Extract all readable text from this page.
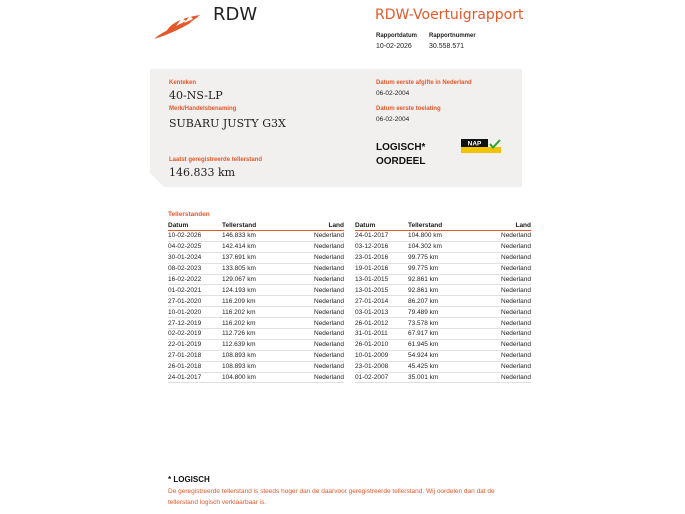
RDW	RDW-Voertuigrapport
Rapportdatum
10-02-2026
Rapportnummer
30.558.571
Kenteken
40-NS-LP
Merk/Handelsbenaming
SUBARU JUSTY G3X
Laatst geregistreerde tellerstand
146.833 km
Datum eerste afgifte in Nederland
06-02-2004
Datum eerste toelating
06-02-2004
LOGISCH*
OORDEEL
NAP
Tellerstanden
Datum	Tellerstand	Land
10-02-2026	146.833 km	Nederland
04-02-2025	142.414 km	Nederland
30-01-2024	137.691 km	Nederland
08-02-2023	133.805 km	Nederland
16-02-2022	129.067 km	Nederland
01-02-2021	124.193 km	Nederland
27-01-2020	116.209 km	Nederland
10-01-2020	116.202 km	Nederland
27-12-2019	116.202 km	Nederland
02-02-2019	112.726 km	Nederland
22-01-2019	112.639 km	Nederland
27-01-2018	108.893 km	Nederland
26-01-2018	108.893 km	Nederland
24-01-2017	104.800 km	Nederland
Datum	Tellerstand	Land
24-01-2017	104.800 km	Nederland
03-12-2016	104.302 km	Nederland
23-01-2016	99.775 km	Nederland
19-01-2016	99.775 km	Nederland
13-01-2015	92.861 km	Nederland
13-01-2015	92.861 km	Nederland
27-01-2014	86.207 km	Nederland
03-01-2013	79.489 km	Nederland
26-01-2012	73.578 km	Nederland
31-01-2011	67.917 km	Nederland
26-01-2010	61.945 km	Nederland
10-01-2009	54.924 km	Nederland
23-01-2008	45.425 km	Nederland
01-02-2007	35.001 km	Nederland
* LOGISCH
De geregistreerde tellerstand is steeds hoger dan de daarvoor geregistreerde tellerstand. Wij oordelen dan dat de tellerstand logisch verklaarbaar is.
